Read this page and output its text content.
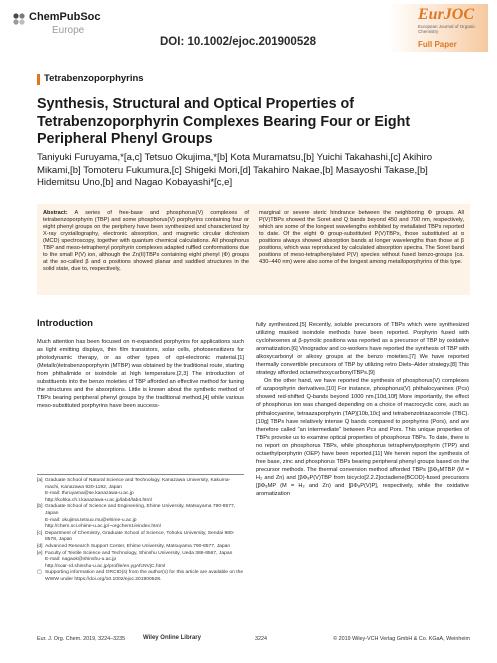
ChemPubSoc
Europe
DOI: 10.1002/ejoc.201900528
EurJOC
European Journal of Organic Chemistry
Full Paper
Tetrabenzoporphyrins
Synthesis, Structural and Optical Properties of Tetrabenzoporphyrin Complexes Bearing Four or Eight Peripheral Phenyl Groups
Taniyuki Furuyama,*[a,c] Tetsuo Okujima,*[b] Kota Muramatsu,[b] Yuichi Takahashi,[c] Akihiro Mikami,[b] Tomoteru Fukumura,[c] Shigeki Mori,[d] Takahiro Nakae,[b] Masayoshi Takase,[b] Hidemitsu Uno,[b] and Nagao Kobayashi*[c,e]
Abstract: A series of free-base and phosphorus(V) complexes of tetrabenzoporphyrin (TBP) and some phosphorus(V) porphyrins containing four or eight phenyl groups on the periphery have been synthesized and characterized by X-ray crystallography, electronic absorption, and magnetic circular dichroism (MCD) spectroscopy, together with quantum chemical calculations. All phosphorus TBP and meso-tetraphenyl porphyrin complexes adapted ruffled conformations due to the small P(V) ion, although the Zn(II)TBPs containing eight phenyl (Φ) groups at the so-called β and α positions showed planar and saddled structures in the solid state, due to, respectively,
marginal or severe steric hindrance between the neighboring Φ groups. All P(V)TBPs showed the Soret and Q bands beyond 450 and 700 nm, respectively, which are some of the longest wavelengths exhibited by metallated TBPs reported to date. Of the eight Φ group-substituted P(V)TBPs, those substituted at α positions always showed absorption bands at longer wavelengths than those at β positions, which was reproduced by calculated absorption spectra. The Soret band positions of meso-tetraphenylated P(V) species without fused benzo-groups (ca. 430–440 nm) were also some of the longest among metalloporphyrins of this type.
Introduction

Much attention has been focused on π-expanded porphyrins for applications such as light emitting displays, thin film transistors, solar cells, photosensitizers for photodynamic therapy, or as other types of opt-electronic material.[1] (Metallo)tetrabenzoporphyrin (MTBP) was obtained by the traditional route, starting from phthalimide or isoindole at high temperature.[2,3] The introduction of substituents into the benzo moieties of TBP afforded an effective method for tuning the structures and the absorptions. Little is known about the synthetic method of TBPs bearing peripheral phenyl groups by the traditional method,[4] while various meso-substituted porphyrins have been success-

fully synthesized.[5] Recently, soluble precursors of TBPs which were synthesized utilizing masked isoindole methods have been reported. Porphyrin fused with cyclohexenes at β-pyrrolic positions was reported as a precursor of TBP by oxidative aromatization.[6] Vinogradov and co-workers have reported the synthesis of TBP with alkoxycarbonyl or alkoxy groups at the benzo moieties.[7] We have reported thermally convertible precursors of TBP by utilizing retro Diels–Alder strategy.[8] This strategy afforded octamethoxycarbonylTBPs.[9]

On the other hand, we have reported the synthesis of phosphorus(V) complexes of azaporphyrin derivatives.[10] For instance, phosphorus(V) phthalocyanines (Pcs) showed red-shifted Q-bands beyond 1000 nm.[10d,10f] More importantly, the effect of phosphorus ion was changed depending on a choice of macrocyclic core, such as phthalocyanine, tetraazaporphyrin (TAP)[10b,10c] and tetrabenzotriazacorrole (TBC).[10g] TBPs have relatively intense Q bands compared to porphyrins (Pors), and are therefore called "an intermediate" between Pcs and Pors. This unique properties of TBPs provoke us to examine optical properties of phosphorus TBPs. To date, there is no report on phosphorus TBPs, while phosphorus tetraphenylporphyrin (TPP) and octaethylporphyrin (OEP) have been reported.[11] We herein report the synthesis of free base, zinc and phosphorus TBPs bearing peripheral phenyl groups based on the precursor methods. The thermal conversion method afforded TBPs [βΦ₈MTBP (M = H₂ and Zn) and [βΦ₈P(V)TBP from bicyclo[2.2.2]octadiene(BCOD)-fused precursors [βΦ₈MP (M = H₂ and Zn) and [βΦ₈P(V)P], respectively, while the oxidative aromatization

[a] Graduate School of Natural Science and Technology, Kanazawa University, Kakuma-machi, Kanazawa 920-1192, Japan
E-mail: tfuruyama@se.kanazawa-u.ac.jp
http://kohka.ch.t.kanazawa-u.ac.jp/lab4/lab4.html
[b] Graduate School of Science and Engineering, Ehime University, Matsuyama 790-8577, Japan
E-mail: okujima.tetsuo.mu@ehime-u.ac.jp
http://chem.sci.ehime-u.ac.jp/~orgchem1/eindex.html
[c] Department of Chemistry, Graduate School of Science, Tohoku University, Sendai 980-8578, Japan
[d] Advanced Research Support Center, Ehime University, Matsuyama 790-8577, Japan
[e] Faculty of Textile Science and Technology, Shinshu University, Ueda 386-8567, Japan
E-mail: nagaok@shinshu-u.ac.jp
http://soar-rd.shinshu-u.ac.jp/profile/en.ygAfcNVjC.html
▢ Supporting information and ORCID(s) from the author(s) for this article are available on the WWW under https://doi.org/10.1002/ejoc.201900528.
Eur. J. Org. Chem. 2019, 3224–3235	Wiley Online Library	3224	© 2019 Wiley-VCH Verlag GmbH & Co. KGaA, Weinheim
